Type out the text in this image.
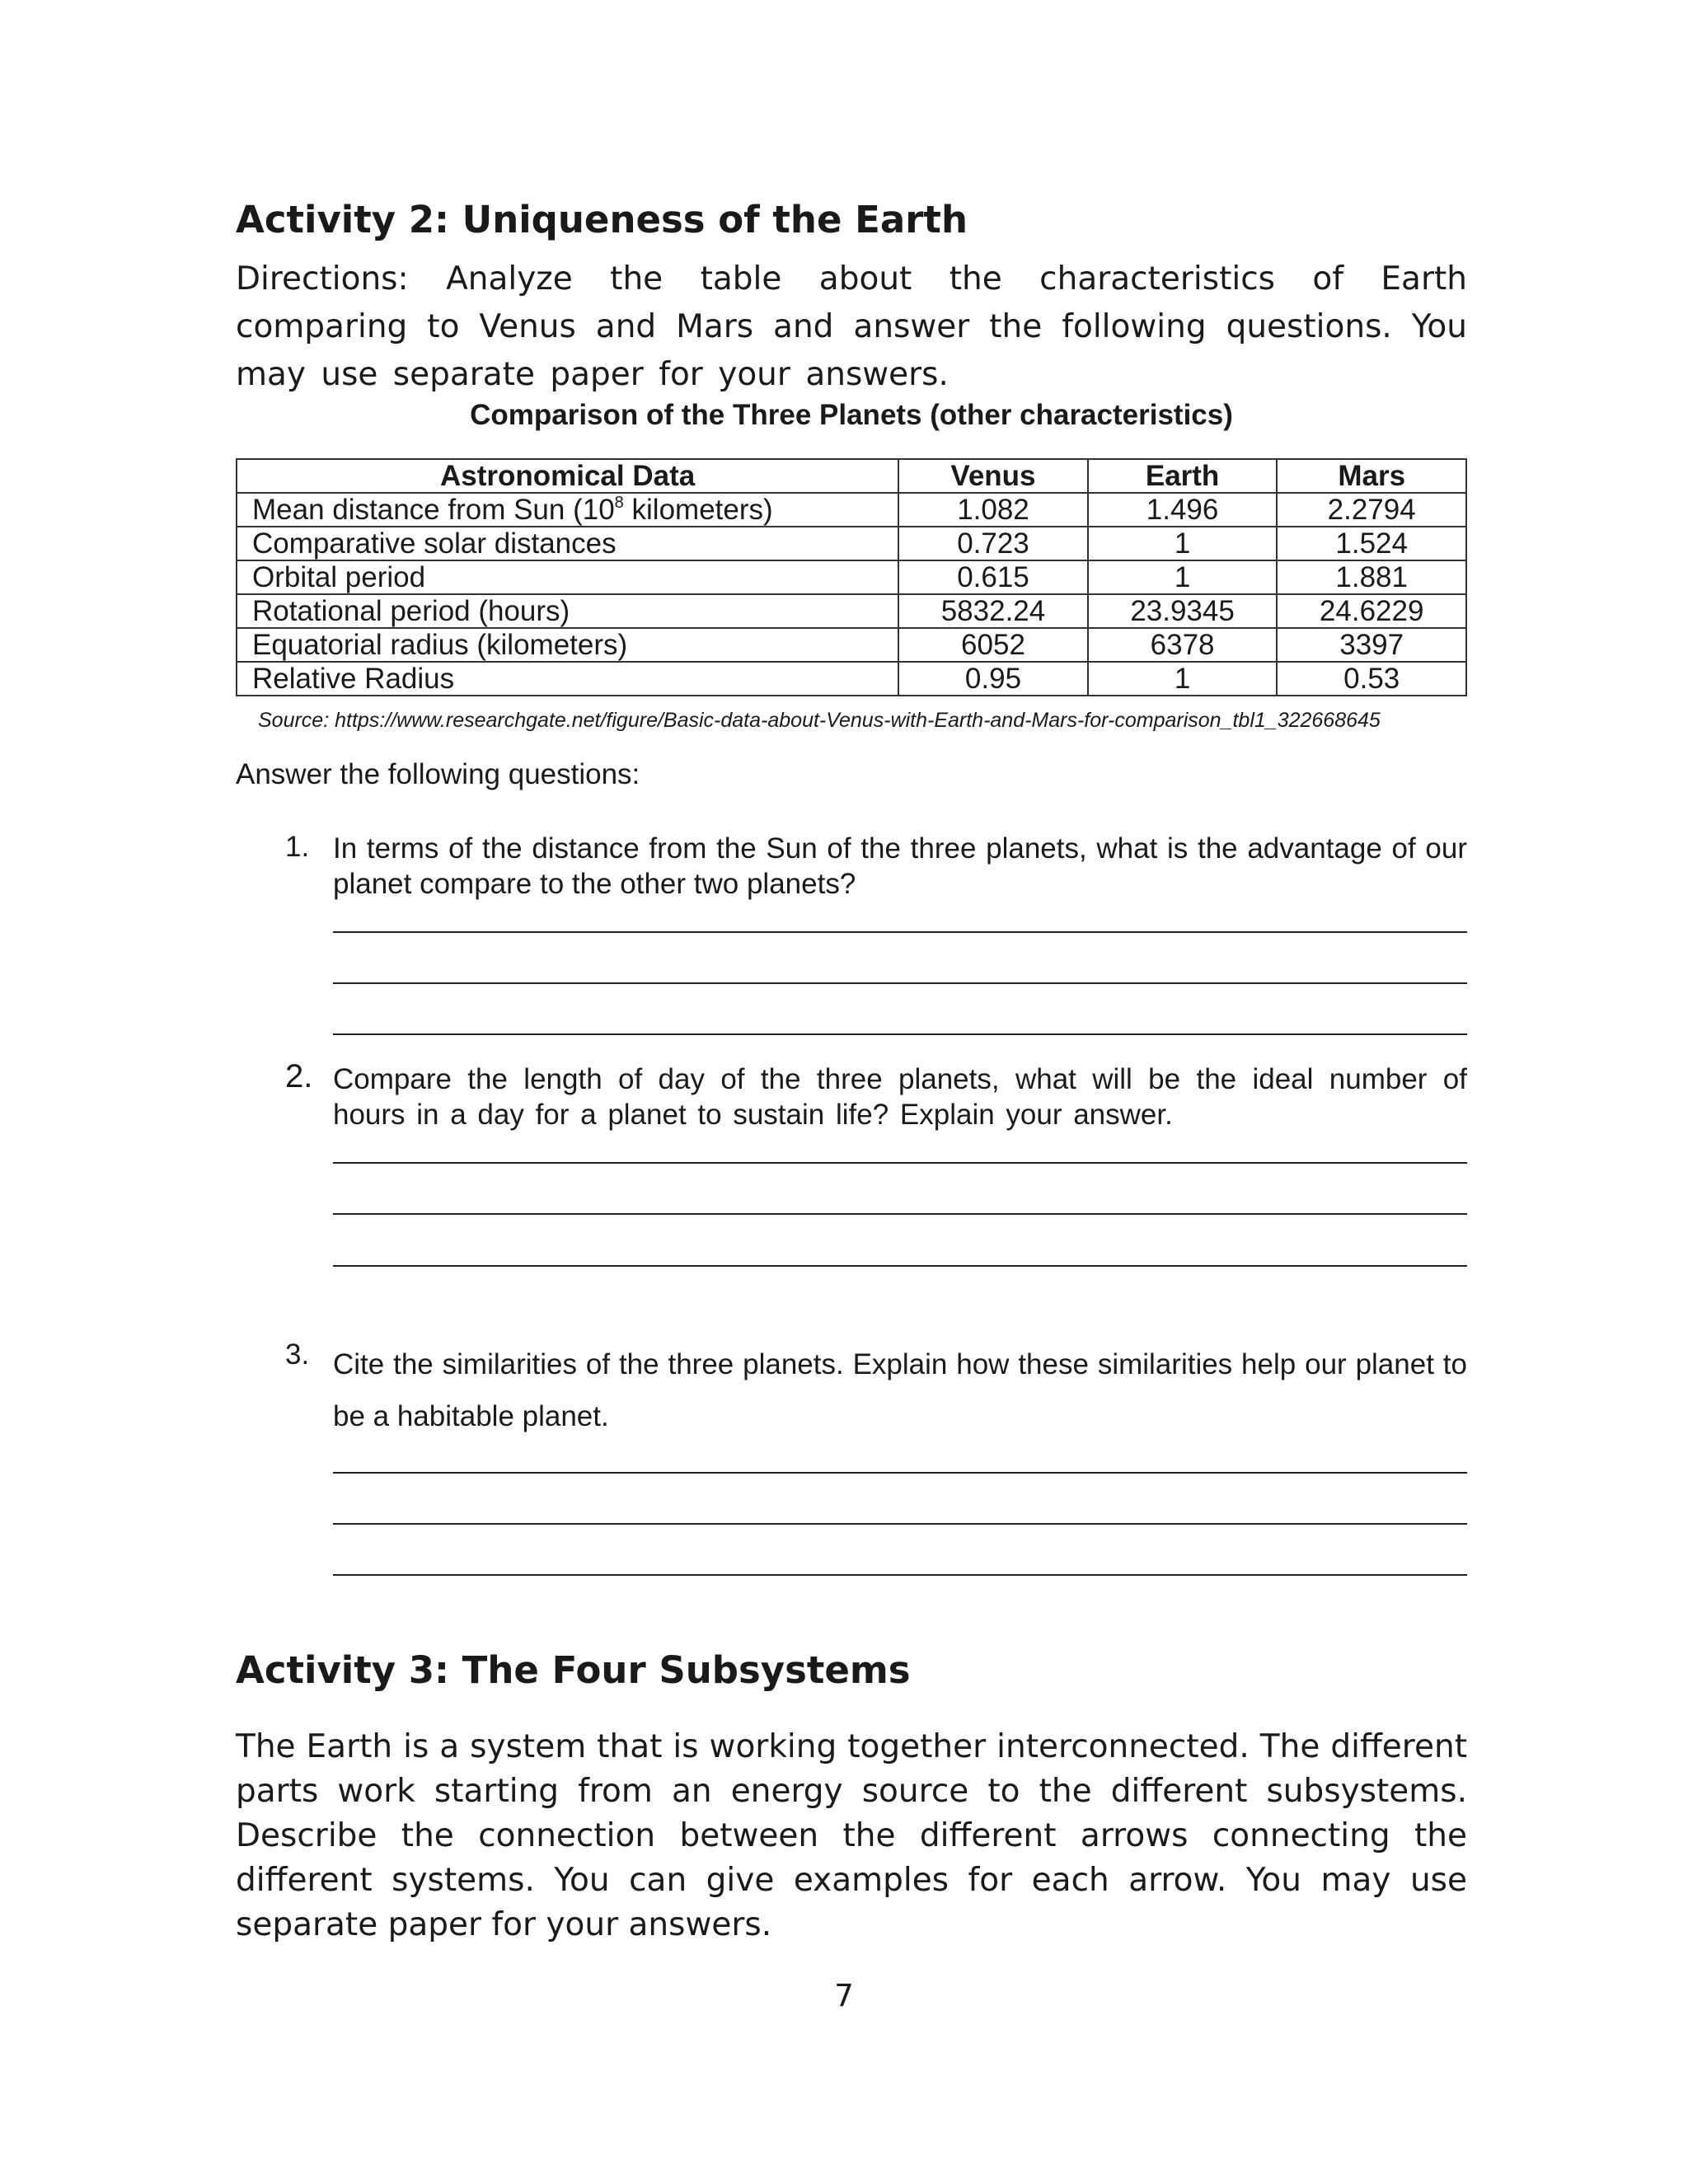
Activity 2: Uniqueness of the Earth
Directions: Analyze the table about the characteristics of Earth comparing to Venus and Mars and answer the following questions. You may use separate paper for your answers.
Comparison of the Three Planets (other characteristics)
Astronomical Data	Venus	Earth	Mars
Mean distance from Sun ($10^8$ kilometers)	1.082	1.496	2.2794
Comparative solar distances	0.723	1	1.524
Orbital period	0.615	1	1.881
Rotational period (hours)	5832.24	23.9345	24.6229
Equatorial radius (kilometers)	6052	6378	3397
Relative Radius	0.95	1	0.53
Source: https://www.researchgate.net/figure/Basic-data-about-Venus-with-Earth-and-Mars-for-comparison_tbl1_322668645
Answer the following questions:
1. In terms of the distance from the Sun of the three planets, what is the advantage of our planet compare to the other two planets?
2. Compare the length of day of the three planets, what will be the ideal number of hours in a day for a planet to sustain life? Explain your answer.
3. Cite the similarities of the three planets. Explain how these similarities help our planet to be a habitable planet.
Activity 3: The Four Subsystems
The Earth is a system that is working together interconnected. The different parts work starting from an energy source to the different subsystems. Describe the connection between the different arrows connecting the different systems. You can give examples for each arrow. You may use separate paper for your answers.
7
